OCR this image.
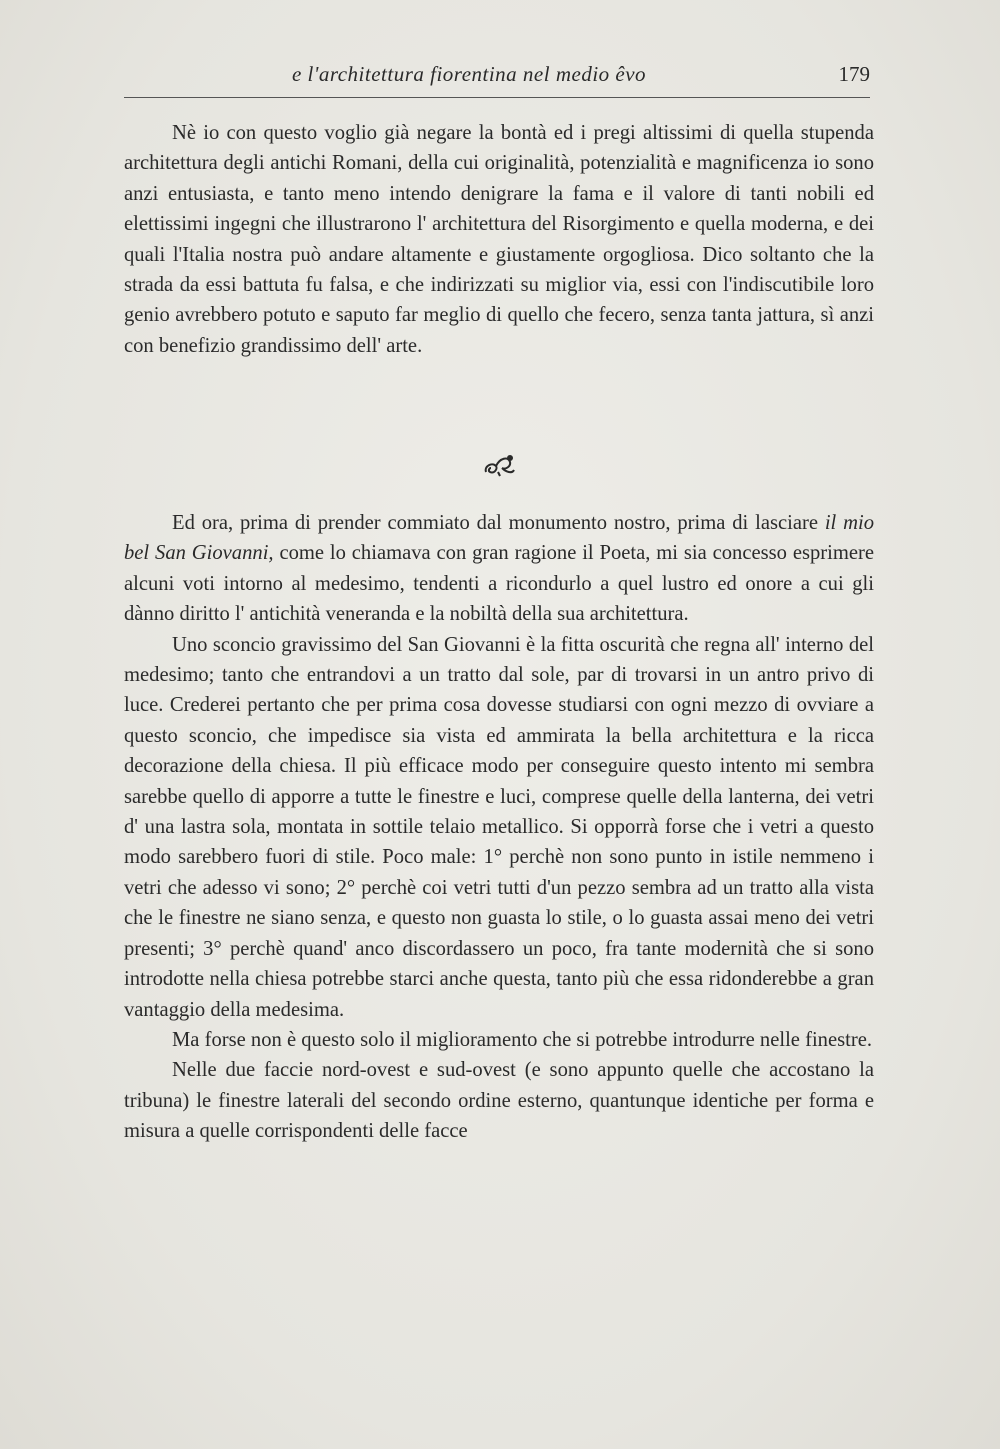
e l'architettura fiorentina nel medio êvo	179

Nè io con questo voglio già negare la bontà ed i pregi altissimi di quella stupenda architettura degli antichi Romani, della cui originalità, potenzialità e magnificenza io sono anzi entusiasta, e tanto meno intendo denigrare la fama e il valore di tanti nobili ed elettissimi ingegni che illustrarono l' architettura del Risorgimento e quella moderna, e dei quali l'Italia nostra può andare altamente e giustamente orgogliosa. Dico soltanto che la strada da essi battuta fu falsa, e che indirizzati su miglior via, essi con l'indiscutibile loro genio avrebbero potuto e saputo far meglio di quello che fecero, senza tanta jattura, sì anzi con benefizio grandissimo dell' arte.

Ed ora, prima di prender commiato dal monumento nostro, prima di lasciare il mio bel San Giovanni, come lo chiamava con gran ragione il Poeta, mi sia concesso esprimere alcuni voti intorno al medesimo, tendenti a ricondurlo a quel lustro ed onore a cui gli dànno diritto l' antichità veneranda e la nobiltà della sua architettura.

Uno sconcio gravissimo del San Giovanni è la fitta oscurità che regna all' interno del medesimo; tanto che entrandovi a un tratto dal sole, par di trovarsi in un antro privo di luce. Crederei pertanto che per prima cosa dovesse studiarsi con ogni mezzo di ovviare a questo sconcio, che impedisce sia vista ed ammirata la bella architettura e la ricca decorazione della chiesa. Il più efficace modo per conseguire questo intento mi sembra sarebbe quello di apporre a tutte le finestre e luci, comprese quelle della lanterna, dei vetri d' una lastra sola, montata in sottile telaio metallico. Si opporrà forse che i vetri a questo modo sarebbero fuori di stile. Poco male: 1° perchè non sono punto in istile nemmeno i vetri che adesso vi sono; 2° perchè coi vetri tutti d'un pezzo sembra ad un tratto alla vista che le finestre ne siano senza, e questo non guasta lo stile, o lo guasta assai meno dei vetri presenti; 3° perchè quand' anco discordassero un poco, fra tante modernità che si sono introdotte nella chiesa potrebbe starci anche questa, tanto più che essa ridonderebbe a gran vantaggio della medesima.

Ma forse non è questo solo il miglioramento che si potrebbe introdurre nelle finestre.

Nelle due faccie nord-ovest e sud-ovest (e sono appunto quelle che accostano la tribuna) le finestre laterali del secondo ordine esterno, quantunque identiche per forma e misura a quelle corrispondenti delle facce
